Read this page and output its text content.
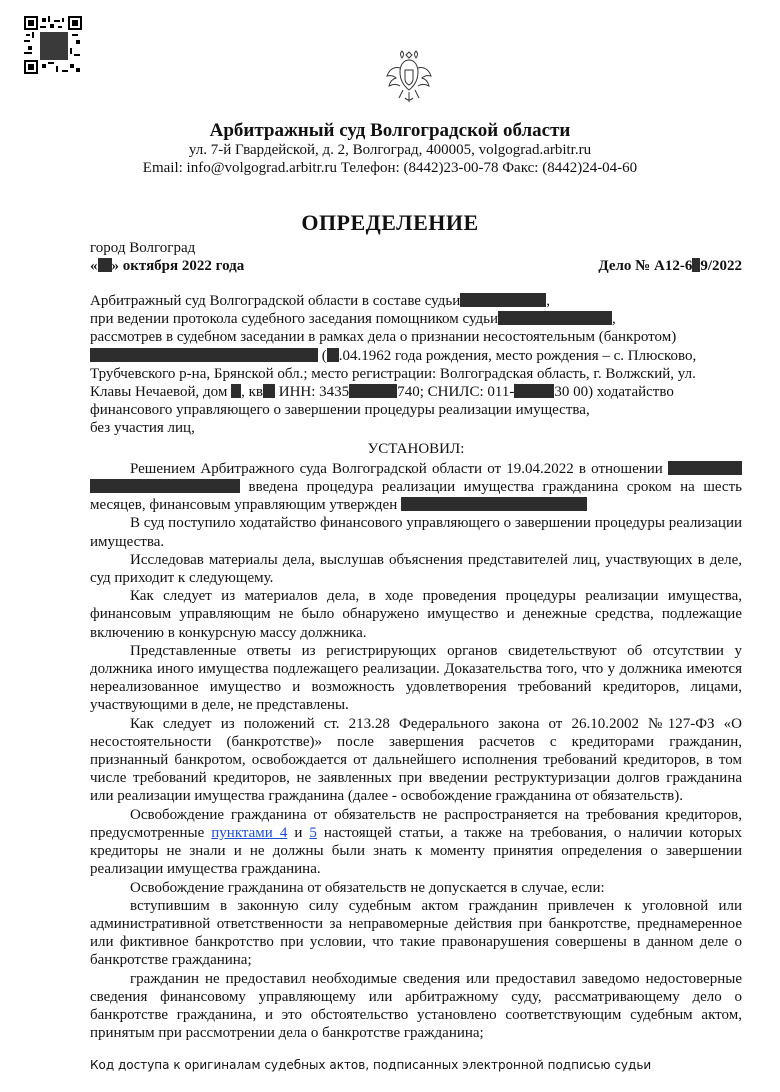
Арбитражный суд Волгоградской области
ул. 7-й Гвардейской, д. 2, Волгоград, 400005, volgograd.arbitr.ru
Email: info@volgograd.arbitr.ru Телефон: (8442)23-00-78 Факс: (8442)24-04-60
ОПРЕДЕЛЕНИЕ
город Волгоград
« » октября 2022 года	Дело № А12-6 9/2022

Арбитражный суд Волгоградской области в составе судьи	,

при ведении протокола судебного заседания помощником судьи	,

рассмотрев в судебном заседании в рамках дела о признании несостоятельным (банкротом)

( .04.1962 года рождения, место рождения – с. Плюсково,

Трубчевского р-на, Брянской обл.; место регистрации: Волгоградская область, г. Волжский, ул.

Клавы Нечаевой, дом , кв ИНН: 3435	740; СНИЛС: 011-	30 00) ходатайство

финансового управляющего о завершении процедуры реализации имущества,

без участия лиц,

УСТАНОВИЛ:

Решением Арбитражного суда Волгоградской области от 19.04.2022 в отношении   введена процедура реализации имущества гражданина сроком на шесть месяцев, финансовым управляющим утвержден

В суд поступило ходатайство финансового управляющего о завершении процедуры реализации имущества.

Исследовав материалы дела, выслушав объяснения представителей лиц, участвующих в деле, суд приходит к следующему.

Как следует из материалов дела, в ходе проведения процедуры реализации имущества, финансовым управляющим не было обнаружено имущество и денежные средства, подлежащие включению в конкурсную массу должника.

Представленные ответы из регистрирующих органов свидетельствуют об отсутствии у должника иного имущества подлежащего реализации. Доказательства того, что у должника имеются нереализованное имущество и возможность удовлетворения требований кредиторов, лицами, участвующими в деле, не представлены.

Как следует из положений ст. 213.28 Федерального закона от 26.10.2002 №127-ФЗ «О несостоятельности (банкротстве)» после завершения расчетов с кредиторами гражданин, признанный банкротом, освобождается от дальнейшего исполнения требований кредиторов, в том числе требований кредиторов, не заявленных при введении реструктуризации долгов гражданина или реализации имущества гражданина (далее - освобождение гражданина от обязательств).

Освобождение гражданина от обязательств не распространяется на требования кредиторов, предусмотренные пунктами 4 и 5 настоящей статьи, а также на требования, о наличии которых кредиторы не знали и не должны были знать к моменту принятия определения о завершении реализации имущества гражданина.

Освобождение гражданина от обязательств не допускается в случае, если:

вступившим в законную силу судебным актом гражданин привлечен к уголовной или административной ответственности за неправомерные действия при банкротстве, преднамеренное или фиктивное банкротство при условии, что такие правонарушения совершены в данном деле о банкротстве гражданина;

гражданин не предоставил необходимые сведения или предоставил заведомо недостоверные сведения финансовому управляющему или арбитражному суду, рассматривающему дело о банкротстве гражданина, и это обстоятельство установлено соответствующим судебным актом, принятым при рассмотрении дела о банкротстве гражданина;

Код доступа к оригиналам судебных актов, подписанных электронной подписью судьи
